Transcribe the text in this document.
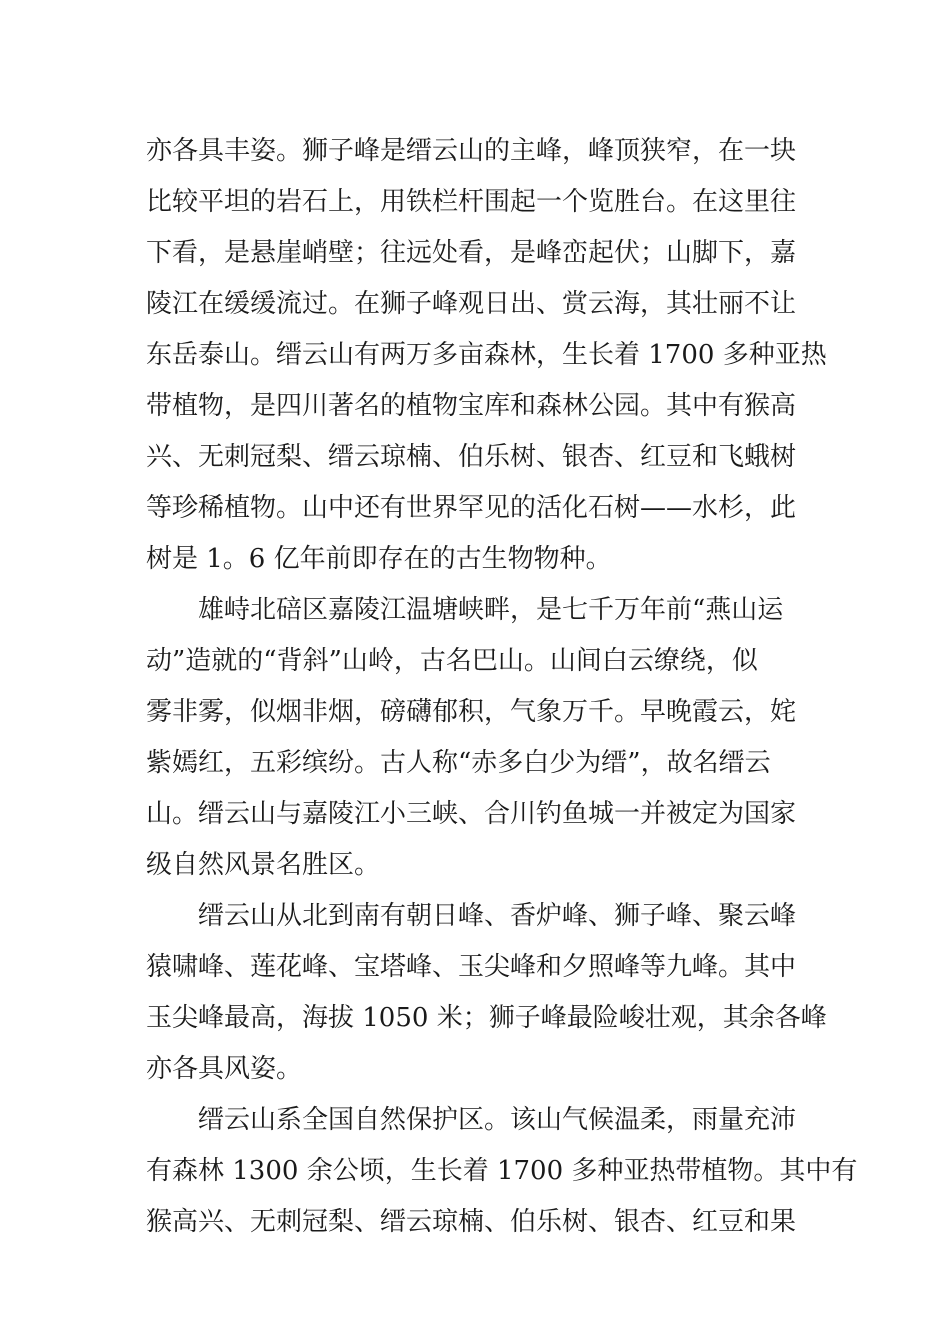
亦各具丰姿。狮子峰是缙云山的主峰，峰顶狭窄，在一块
比较平坦的岩石上，用铁栏杆围起一个览胜台。在这里往
下看，是悬崖峭壁；往远处看，是峰峦起伏；山脚下，嘉
陵江在缓缓流过。在狮子峰观日出、赏云海，其壮丽不让
东岳泰山。缙云山有两万多亩森林，生长着 1700 多种亚热
带植物，是四川著名的植物宝库和森林公园。其中有猴高
兴、无刺冠梨、缙云琼楠、伯乐树、银杏、红豆和飞蛾树
等珍稀植物。山中还有世界罕见的活化石树——水杉，此
树是 1。6 亿年前即存在的古生物物种。
雄峙北碚区嘉陵江温塘峡畔，是七千万年前“燕山运
动”造就的“背斜”山岭，古名巴山。山间白云缭绕，似
雾非雾，似烟非烟，磅礴郁积，气象万千。早晚霞云，姹
紫嫣红，五彩缤纷。古人称“赤多白少为缙”，故名缙云
山。缙云山与嘉陵江小三峡、合川钓鱼城一并被定为国家
级自然风景名胜区。
缙云山从北到南有朝日峰、香炉峰、狮子峰、聚云峰
猿啸峰、莲花峰、宝塔峰、玉尖峰和夕照峰等九峰。其中
玉尖峰最高，海拔 1050 米；狮子峰最险峻壮观，其余各峰
亦各具风姿。
缙云山系全国自然保护区。该山气候温柔，雨量充沛
有森林 1300 余公顷，生长着 1700 多种亚热带植物。其中有
猴高兴、无刺冠梨、缙云琼楠、伯乐树、银杏、红豆和果
